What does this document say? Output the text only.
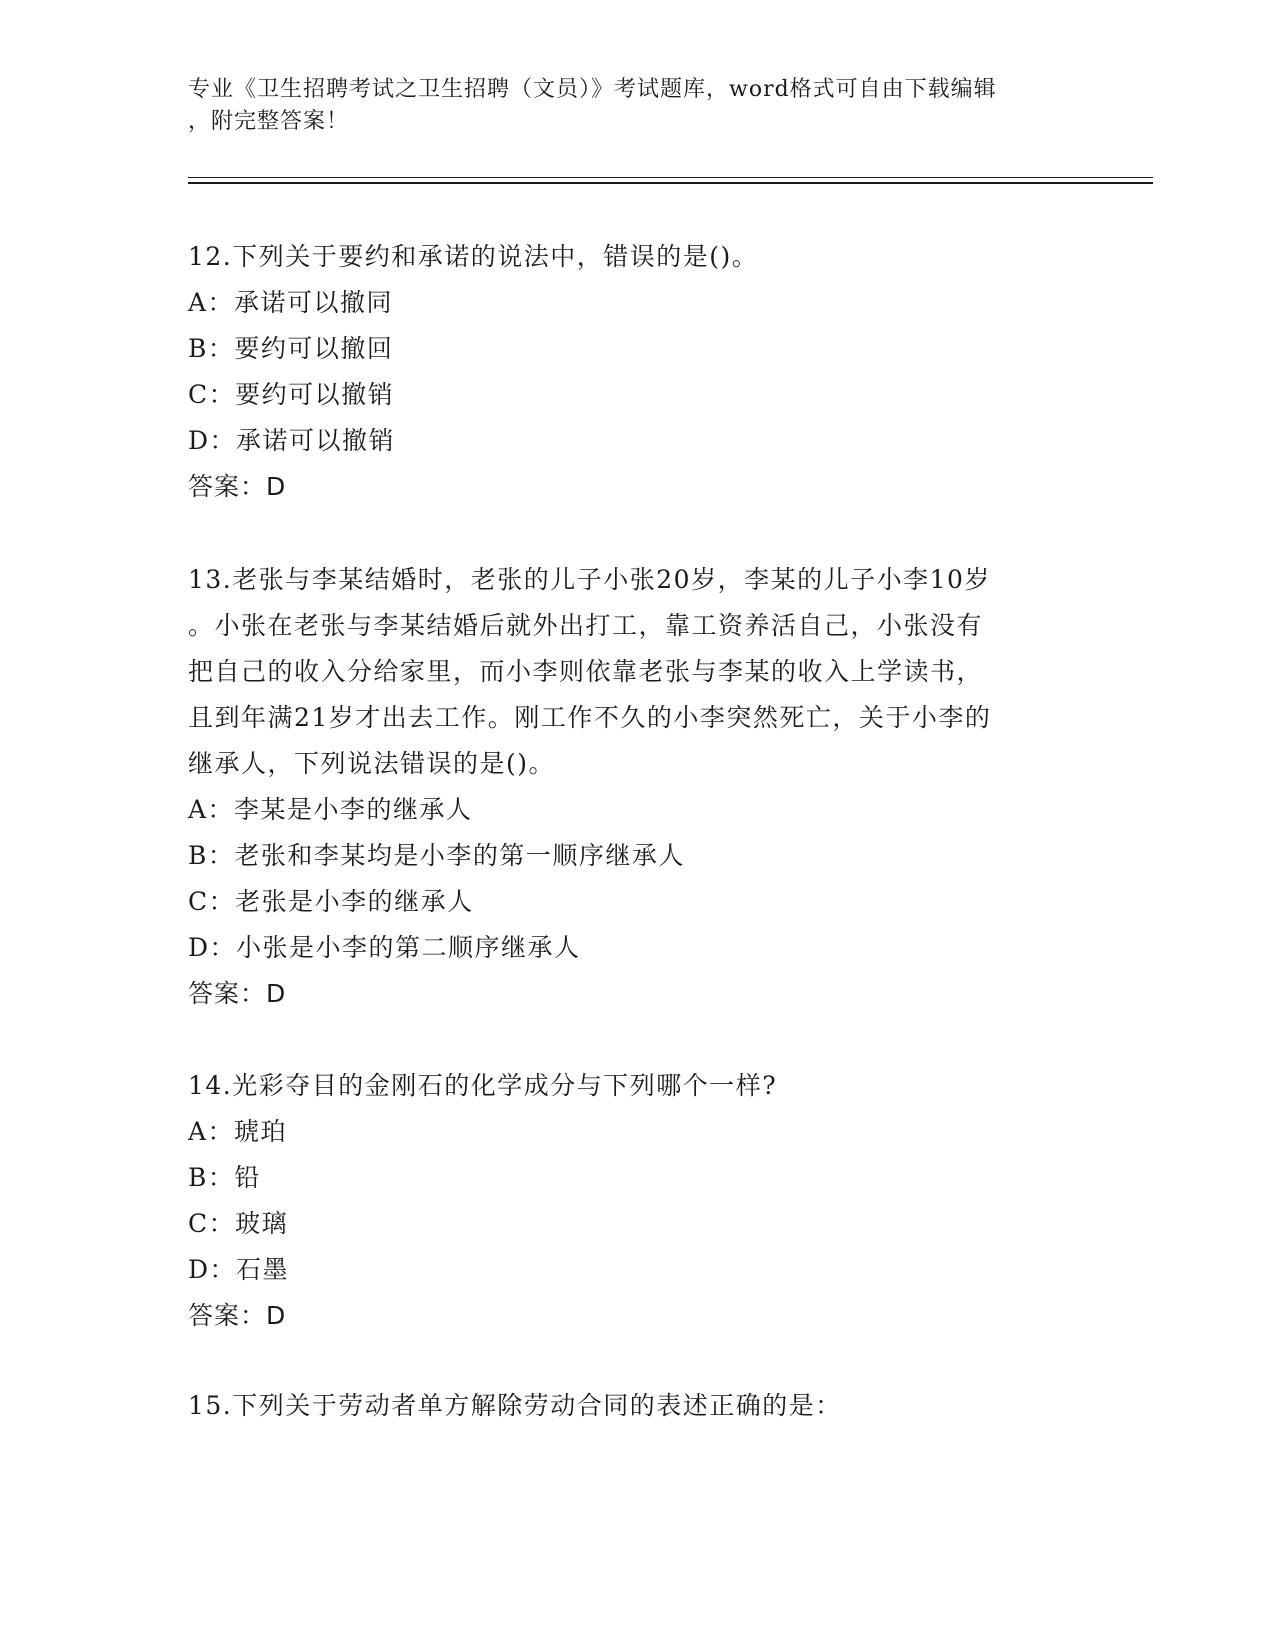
专业《卫生招聘考试之卫生招聘（文员）》考试题库，word格式可自由下载编辑
，附完整答案！
12.下列关于要约和承诺的说法中，错误的是()。
A：承诺可以撤同
B：要约可以撤回
C：要约可以撤销
D：承诺可以撤销
答案：D
13.老张与李某结婚时，老张的儿子小张20岁，李某的儿子小李10岁
。小张在老张与李某结婚后就外出打工，靠工资养活自己，小张没有
把自己的收入分给家里，而小李则依靠老张与李某的收入上学读书，
且到年满21岁才出去工作。刚工作不久的小李突然死亡，关于小李的
继承人，下列说法错误的是()。
A：李某是小李的继承人
B：老张和李某均是小李的第一顺序继承人
C：老张是小李的继承人
D：小张是小李的第二顺序继承人
答案：D
14.光彩夺目的金刚石的化学成分与下列哪个一样?
A：琥珀
B：铅
C：玻璃
D：石墨
答案：D
15.下列关于劳动者单方解除劳动合同的表述正确的是：
